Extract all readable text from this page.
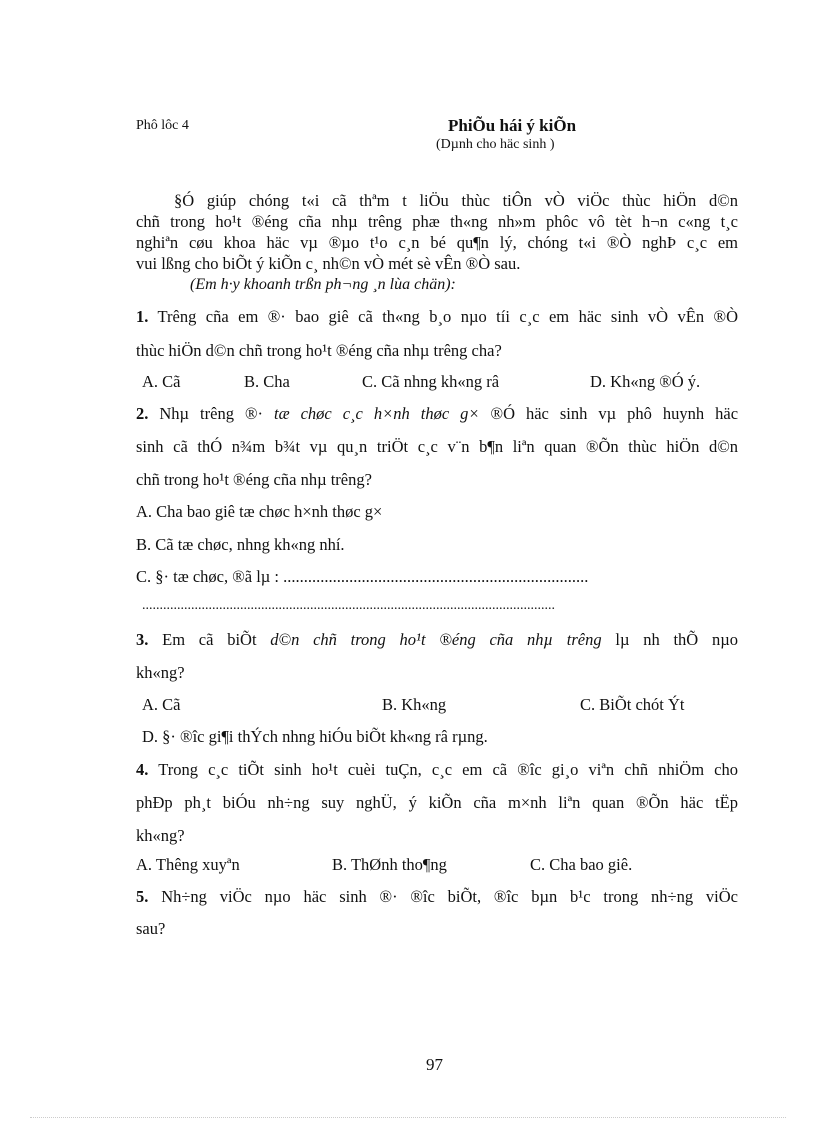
Phô lôc 4	PhiÕu hái ý kiÕn
(Dµnh cho häc sinh )
§Ó giúp chóng t«i cã thªm t liÖu thùc tiÔn vÒ viÖc thùc hiÖn d©n
chñ trong ho¹t ®éng cña nhµ trêng phæ th«ng nh»m phôc vô tèt h¬n c«ng t¸c
nghiªn cøu khoa häc vµ ®µo t¹o c¸n bé qu¶n lý, chóng t«i ®Ò nghÞ c¸c em
vui lßng cho biÕt ý kiÕn c¸ nh©n vÒ mét sè vÊn ®Ò sau.
(Em h·y khoanh trßn ph¬ng ¸n lùa chän):
1. Trêng cña em ®· bao giê cã th«ng b¸o nµo tíi c¸c em häc sinh vÒ vÊn ®Ò
thùc hiÖn d©n chñ trong ho¹t ®éng cña nhµ trêng cha?
A. Cã	B. Cha	C. Cã nhng kh«ng râ	D. Kh«ng ®Ó ý.
2. Nhµ trêng ®· tæ chøc c¸c h×nh thøc g× ®Ó häc sinh vµ phô huynh häc
sinh cã thÓ n¾m b¾t vµ qu¸n triÖt c¸c v¨n b¶n liªn quan ®Õn thùc hiÖn d©n
chñ trong ho¹t ®éng cña nhµ trêng?
A. Cha bao giê tæ chøc h×nh thøc g×
B. Cã tæ chøc, nhng kh«ng nhí.
C. §· tæ chøc, ®ã lµ : ..........................................................................
......................................................................................................................
3. Em cã biÕt d©n chñ trong ho¹t ®éng cña nhµ trêng lµ nh thÕ nµo
kh«ng?
A. Cã	B. Kh«ng	C. BiÕt chót Ýt
D. §· ®îc gi¶i thÝch nhng hiÓu biÕt kh«ng râ rµng.
4. Trong c¸c tiÕt sinh ho¹t cuèi tuÇn, c¸c em cã ®îc gi¸o viªn chñ nhiÖm cho
phÐp ph¸t biÓu nh÷ng suy nghÜ, ý kiÕn cña m×nh liªn quan ®Õn häc tËp
kh«ng?
A. Thêng xuyªn	B. ThØnh tho¶ng	C. Cha bao giê.
5. Nh÷ng viÖc nµo häc sinh ®· ®îc biÕt, ®îc bµn b¹c trong nh÷ng viÖc
sau?
97
